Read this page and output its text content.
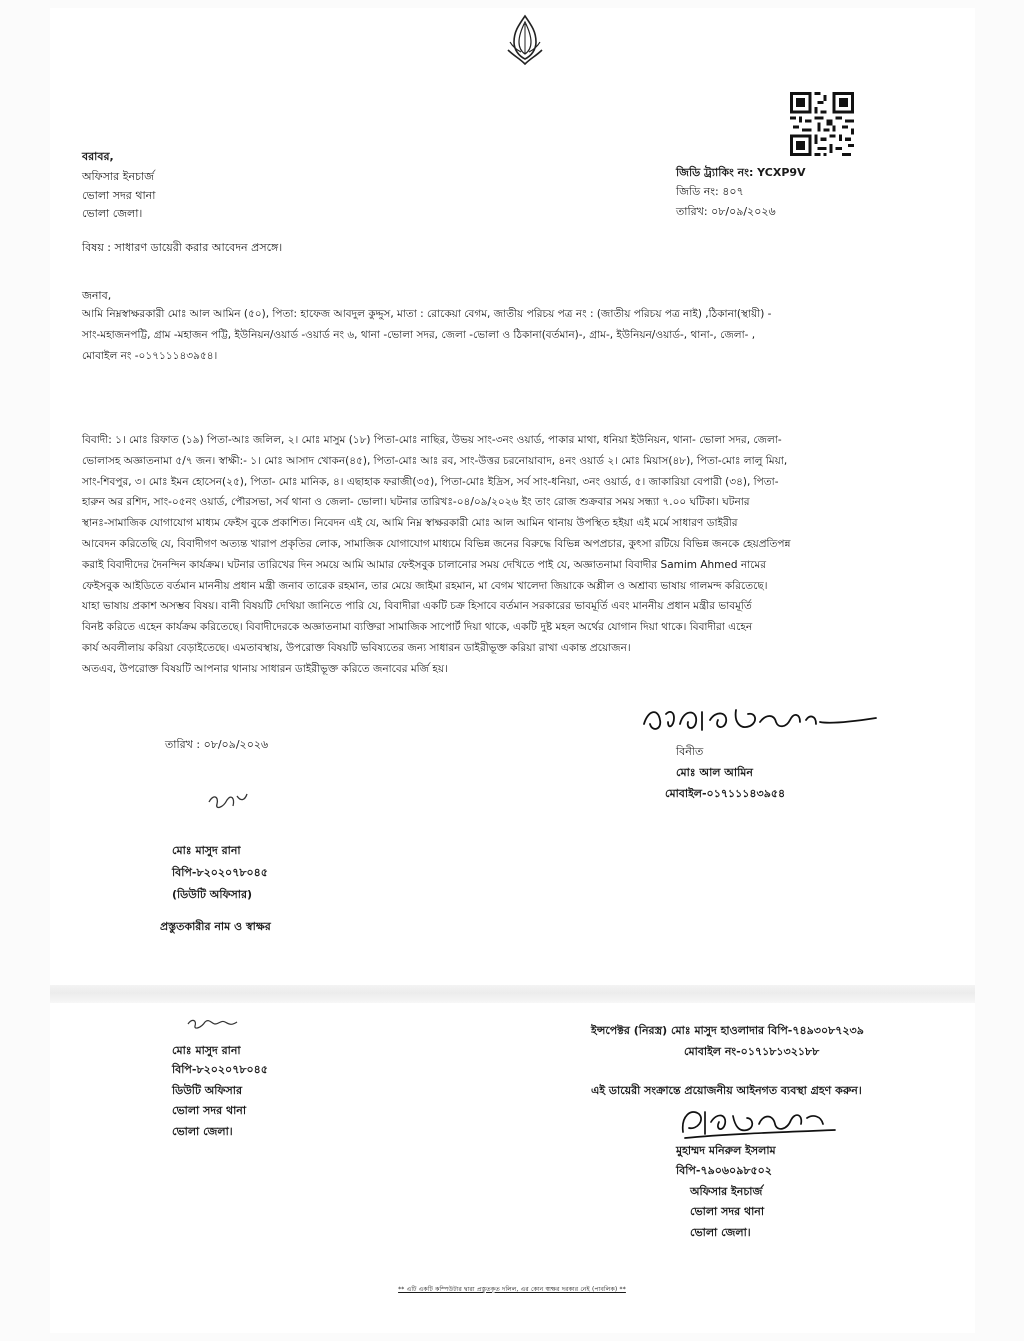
বরাবর,
অফিসার ইনচার্জ
ভোলা সদর থানা
ভোলা জেলা।
জিডি ট্র্যাকিং নং: YCXP9V
জিডি নং: ৪০৭
তারিখ: ০৮/০৯/২০২৬
বিষয় : সাধারণ ডায়েরী করার আবেদন প্রসঙ্গে।
জনাব,
আমি নিম্নস্বাক্ষরকারী মোঃ আল আমিন (৫০), পিতা: হাফেজ আবদুল কুদ্দুস, মাতা : রোকেয়া বেগম, জাতীয় পরিচয় পত্র নং : (জাতীয় পরিচয় পত্র নাই) ,ঠিকানা(স্থায়ী) -
সাং-মহাজনপট্টি, গ্রাম -মহাজন পট্টি, ইউনিয়ন/ওয়ার্ড -ওয়ার্ড নং ৬, থানা -ভোলা সদর, জেলা -ভোলা ও ঠিকানা(বর্তমান)-, গ্রাম-, ইউনিয়ন/ওয়ার্ড-, থানা-, জেলা- ,
মোবাইল নং -০১৭১১১৪৩৯৫৪।
বিবাদী: ১। মোঃ রিফাত (১৯) পিতা-আঃ জলিল, ২। মোঃ মাসুম (১৮) পিতা-মোঃ নাছির, উভয় সাং-৩নং ওয়ার্ড, পাকার মাথা, ধনিয়া ইউনিয়ন, থানা- ভোলা সদর, জেলা-
ভোলাসহ অজ্ঞাতনামা ৫/৭ জন। স্বাক্ষী:- ১। মোঃ আসাদ খোকন(৪৫), পিতা-মোঃ আঃ রব, সাং-উত্তর চরনোয়াবাদ, ৪নং ওয়ার্ড ২। মোঃ মিয়াস(৪৮), পিতা-মোঃ লালু মিয়া,
সাং-শিবপুর, ৩। মোঃ ইমন হোসেন(২৫), পিতা- মোঃ মানিক, ৪। এছাহাক ফরাজী(৩৫), পিতা-মোঃ ইদ্রিস, সর্ব সাং-ধনিয়া, ৩নং ওয়ার্ড, ৫। জাকারিয়া বেপারী (৩৪), পিতা-
হারুন অর রশিদ, সাং-০৫নং ওয়ার্ড, পৌরসভা, সর্ব থানা ও জেলা- ভোলা। ঘটনার তারিখঃ-০৪/০৯/২০২৬ ইং তাং রোজ শুক্রবার সময় সন্ধ্যা ৭.০০ ঘটিকা। ঘটনার
স্থানঃ-সামাজিক যোগাযোগ মাধ্যম ফেইস বুকে প্রকাশিত। নিবেদন এই যে, আমি নিম্ন স্বাক্ষরকারী মোঃ আল আমিন থানায় উপস্থিত হইয়া এই মর্মে সাধারণ ডাইরীর
আবেদন করিতেছি যে, বিবাদীগণ অত্যন্ত খারাপ প্রকৃতির লোক, সামাজিক যোগাযোগ মাধ্যমে বিভিন্ন জনের বিরুদ্ধে বিভিন্ন অপপ্রচার, কুৎসা রটিয়ে বিভিন্ন জনকে হেয়প্রতিপন্ন
করাই বিবাদীদের দৈনন্দিন কার্যক্রম। ঘটনার তারিখের দিন সময়ে আমি আমার ফেইসবুক চালানোর সময় দেখিতে পাই যে, অজ্ঞাতনামা বিবাদীর Samim Ahmed নামের
ফেইসবুক আইডিতে বর্তমান মাননীয় প্রধান মন্ত্রী জনাব তারেক রহমান, তার মেয়ে জাইমা রহমান, মা বেগম খালেদা জিয়াকে অশ্লীল ও অশ্রাব্য ভাষায় গালমন্দ করিতেছে।
যাহা ভাষায় প্রকাশ অসম্ভব বিষয়। বানী বিষয়টি দেখিয়া জানিতে পারি যে, বিবাদীরা একটি চক্র হিসাবে বর্তমান সরকারের ভাবমূর্তি এবং মাননীয় প্রধান মন্ত্রীর ভাবমূর্তি
বিনষ্ট করিতে এহেন কার্যক্রম করিতেছে। বিবাদীদেরকে অজ্ঞাতনামা ব্যক্তিরা সামাজিক সাপোর্ট দিয়া থাকে, একটি দুষ্ট মহল অর্থের যোগান দিয়া থাকে। বিবাদীরা এহেন
কার্য অবলীলায় করিয়া বেড়াইতেছে। এমতাবস্থায়, উপরোক্ত বিষয়টি ভবিষ্যতের জন্য সাধারন ডাইরীভূক্ত করিয়া রাখা একান্ত প্রয়োজন।
অতএব, উপরোক্ত বিষয়টি আপনার থানায় সাধারন ডাইরীভূক্ত করিতে জনাবের মর্জি হয়।
বিনীত
মোঃ আল আমিন
মোবাইল-০১৭১১১৪৩৯৫৪
তারিখ : ০৮/০৯/২০২৬
মোঃ মাসুদ রানা
বিপি-৮২০২০৭৮০৪৫
(ডিউটি অফিসার)
প্রস্তুতকারীর নাম ও স্বাক্ষর
মোঃ মাসুদ রানা
বিপি-৮২০২০৭৮০৪৫
ডিউটি অফিসার
ভোলা সদর থানা
ভোলা জেলা।
ইন্সপেক্টর (নিরস্ত্র) মোঃ মাসুদ হাওলাদার বিপি-৭৪৯৩০৮৭২৩৯
মোবাইল নং-০১৭১৮১৩২১৮৮
এই ডায়েরী সংক্রান্তে প্রয়োজনীয় আইনগত ব্যবস্থা গ্রহণ করুন।
মুহাম্মদ মনিরুল ইসলাম
বিপি-৭৯০৬০৯৮৫০২
অফিসার ইনচার্জ
ভোলা সদর থানা
ভোলা জেলা।
** এটি একটি কম্পিউটার দ্বারা প্রস্তুতকৃত দলিল, এর কোন স্বাক্ষর দরকার নেই (পাবলিক) **
